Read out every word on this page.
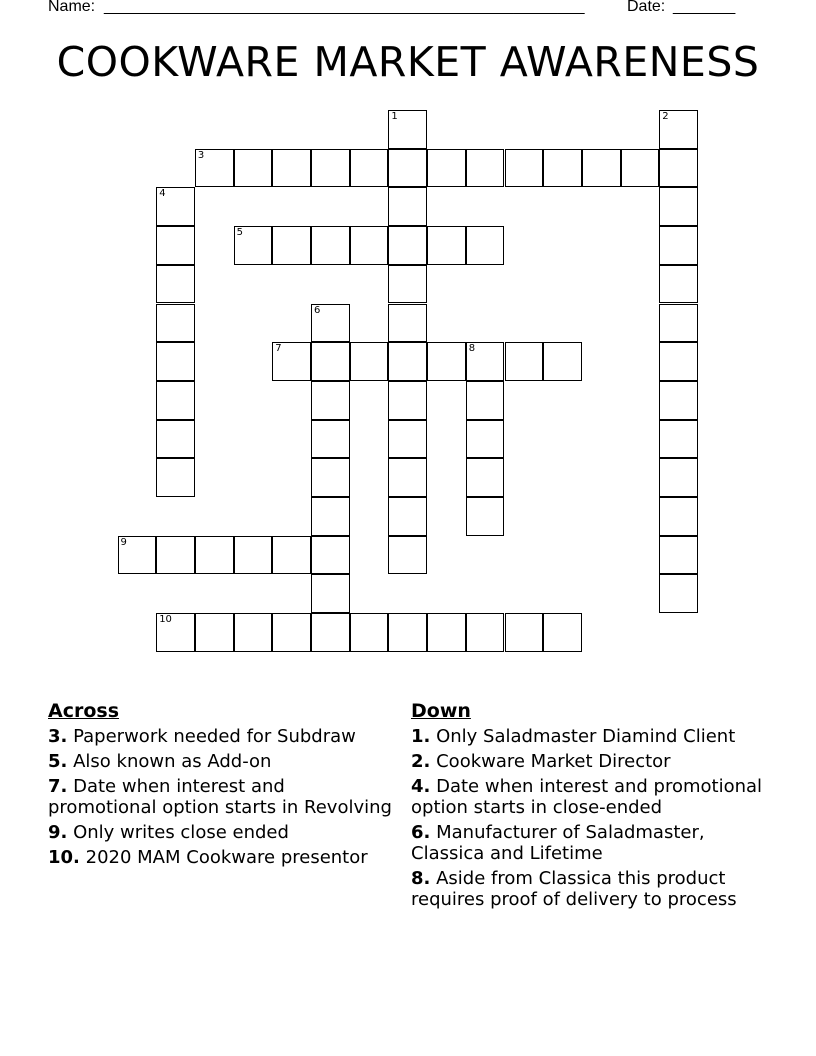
Name: ______________________________________________________	Date: _______
COOKWARE MARKET AWARENESS
1	2
3
4
5
6
7	8
9
10
Across
3. Paperwork needed for Subdraw
5. Also known as Add-on
7. Date when interest and promotional option starts in Revolving
9. Only writes close ended
10. 2020 MAM Cookware presentor
Down
1. Only Saladmaster Diamind Client
2. Cookware Market Director
4. Date when interest and promotional option starts in close-ended
6. Manufacturer of Saladmaster, Classica and Lifetime
8. Aside from Classica this product requires proof of delivery to process
